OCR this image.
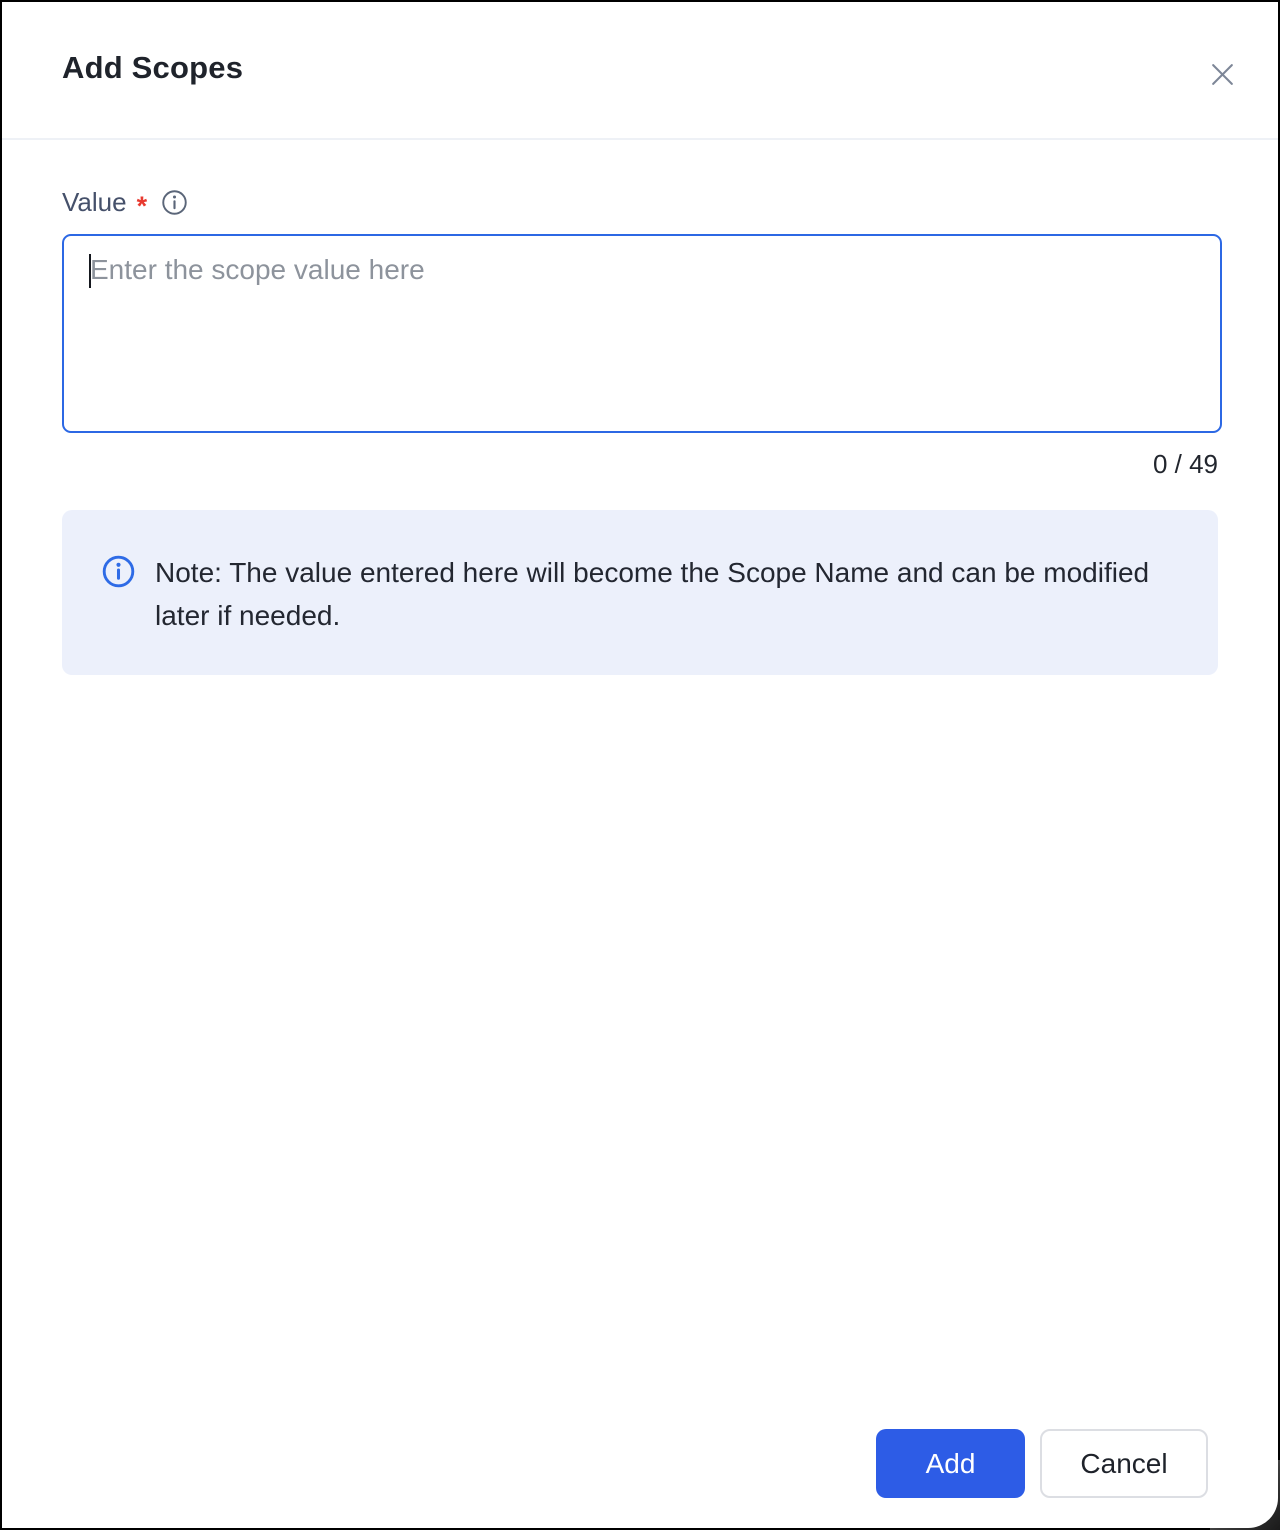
Add Scopes
Value *
Enter the scope value here
0 / 49
Note: The value entered here will become the Scope Name and can be modified later if needed.
Add	Cancel
